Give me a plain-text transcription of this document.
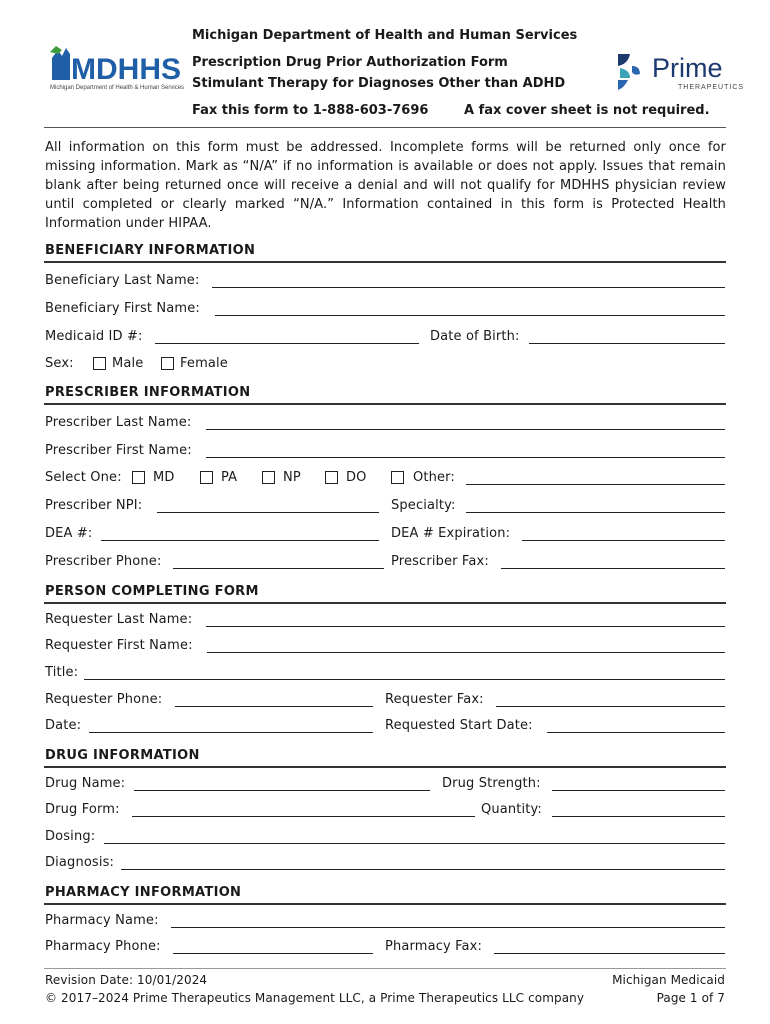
MDHHS
Michigan Department of Health & Human Services
Prime
THERAPEUTICS
Michigan Department of Health and Human Services
Prescription Drug Prior Authorization Form
Stimulant Therapy for Diagnoses Other than ADHD
Fax this form to 1-888-603-7696	A fax cover sheet is not required.
All information on this form must be addressed. Incomplete forms will be returned only once for missing information. Mark as “N/A” if no information is available or does not apply. Issues that remain blank after being returned once will receive a denial and will not qualify for MDHHS physician review until completed or clearly marked “N/A.” Information contained in this form is Protected Health Information under HIPAA.
BENEFICIARY INFORMATION
Beneficiary Last Name:
Beneficiary First Name:
Medicaid ID #:	Date of Birth:
Sex:	Male	Female
PRESCRIBER INFORMATION
Prescriber Last Name:
Prescriber First Name:
Select One: MD	PA	NP	DO	Other:
Prescriber NPI:	Specialty:
DEA #:	DEA # Expiration:
Prescriber Phone:	Prescriber Fax:
PERSON COMPLETING FORM
Requester Last Name:
Requester First Name:
Title:
Requester Phone:	Requester Fax:
Date:	Requested Start Date:
DRUG INFORMATION
Drug Name:	Drug Strength:
Drug Form:	Quantity:
Dosing:
Diagnosis:
PHARMACY INFORMATION
Pharmacy Name:
Pharmacy Phone:	Pharmacy Fax:
Revision Date: 10/01/2024
© 2017–2024 Prime Therapeutics Management LLC, a Prime Therapeutics LLC company
Michigan Medicaid
Page 1 of 7
